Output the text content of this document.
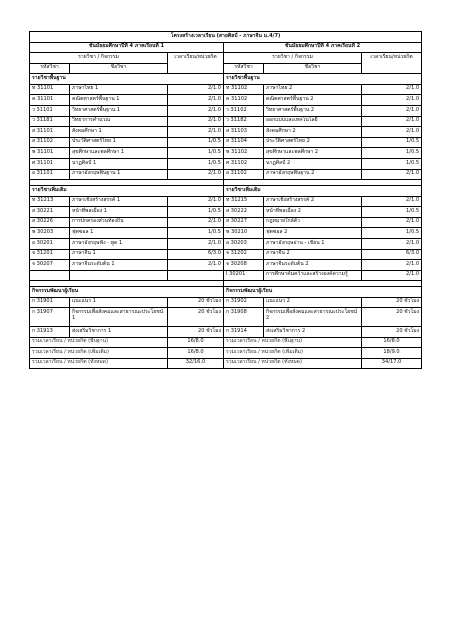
โครงสร้างเวลาเรียน (สายศิลป์ - ภาษาจีน ม.4/7)					
ชั้นมัธยมศึกษาปีที่ 4 ภาคเรียนที่ 1			ชั้นมัธยมศึกษาปีที่ 4 ภาคเรียนที่ 2		
รายวิชา / กิจกรรม		เวลาเรียน/หน่วยกิต	รายวิชา / กิจกรรม		เวลาเรียน/หน่วยกิต
รหัสวิชา	ชื่อวิชา		รหัสวิชา	ชื่อวิชา	
รายวิชาพื้นฐาน			รายวิชาพื้นฐาน		
ท 31101	ภาษาไทย 1	2/1.0	ท 31102	ภาษาไทย 2	2/1.0
ค 31101	คณิตศาสตร์พื้นฐาน 1	2/1.0	ค 31102	คณิตศาสตร์พื้นฐาน 2	2/1.0
ว 31101	วิทยาศาสตร์พื้นฐาน 1	2/1.0	ว 31102	วิทยาศาสตร์พื้นฐาน 2	2/1.0
ว 31181	วิทยาการคำนวณ	2/1.0	ว 31182	ออกแบบและเทคโนโลยี	2/1.0
ส 31101	สังคมศึกษา 1	2/1.0	ส 31103	สังคมศึกษา 2	2/1.0
ส 31102	ประวัติศาสตร์ไทย 1	1/0.5	ส 31104	ประวัติศาสตร์ไทย 2	1/0.5
พ 31101	สุขศึกษาและพลศึกษา 1	1/0.5	พ 31102	สุขศึกษาและพลศึกษา 2	1/0.5
ศ 31101	นาฏศิลป์ 1	1/0.5	ศ 31102	นาฏศิลป์ 2	1/0.5
อ 31101	ภาษาอังกฤษพื้นฐาน 1	2/1.0	อ 31102	ภาษาอังกฤษพื้นฐาน 2	2/1.0

รายวิชาเพิ่มเติม			รายวิชาเพิ่มเติม		
ท 31213	ภาษาเชิงสร้างสรรค์ 1	2/1.0	ท 31215	ภาษาเชิงสร้างสรรค์ 2	2/1.0
ส 30221	หน้าที่พลเมือง 1	1/0.5	ส 30222	หน้าที่พลเมือง 2	1/0.5
ส 30226	การปกครองส่วนท้องถิ่น	2/1.0	ส 30227	กฎหมายใกล้ตัว	2/1.0
พ 30203	ฟุตซอล 1	1/0.5	พ 30210	ฟุตซอล 2	1/0.5
อ 30201	ภาษาอังกฤษฟัง - พูด 1	2/1.0	อ 30203	ภาษาอังกฤษอ่าน - เขียน 1	2/1.0
จ 31201	ภาษาจีน 1	6/3.0	จ 31202	ภาษาจีน 2	6/3.0
จ 30207	ภาษาจีนระดับต้น 1	2/1.0	จ 30208	ภาษาจีนระดับต้น 2	2/1.0
			I 30201	การศึกษาค้นคว้าและสร้างองค์ความรู้	2/1.0

กิจกรรมพัฒนาผู้เรียน			กิจกรรมพัฒนาผู้เรียน		
ก 31901	แนะแนว 1	20 ชั่วโมง	ก 31902	แนะแนว 2	20 ชั่วโมง
ก 31907	กิจกรรมเพื่อสังคมและสาธารณะประโยชน์ 1	20 ชั่วโมง	ก 31908	กิจกรรมเพื่อสังคมและสาธารณะประโยชน์ 2	20 ชั่วโมง
ก 31913	ส่งเสริมวิชาการ 1	20 ชั่วโมง	ก 31914	ส่งเสริมวิชาการ 2	20 ชั่วโมง
รวมเวลาเรียน / หน่วยกิต (พื้นฐาน)		16/8.0	รวมเวลาเรียน / หน่วยกิต (พื้นฐาน)		16/8.0
รวมเวลาเรียน / หน่วยกิต (เพิ่มเติม)		16/8.0	รวมเวลาเรียน / หน่วยกิต (เพิ่มเติม)		18/9.0
รวมเวลาเรียน / หน่วยกิต (ทั้งหมด)		32/16.0	รวมเวลาเรียน / หน่วยกิต (ทั้งหมด)		34/17.0
